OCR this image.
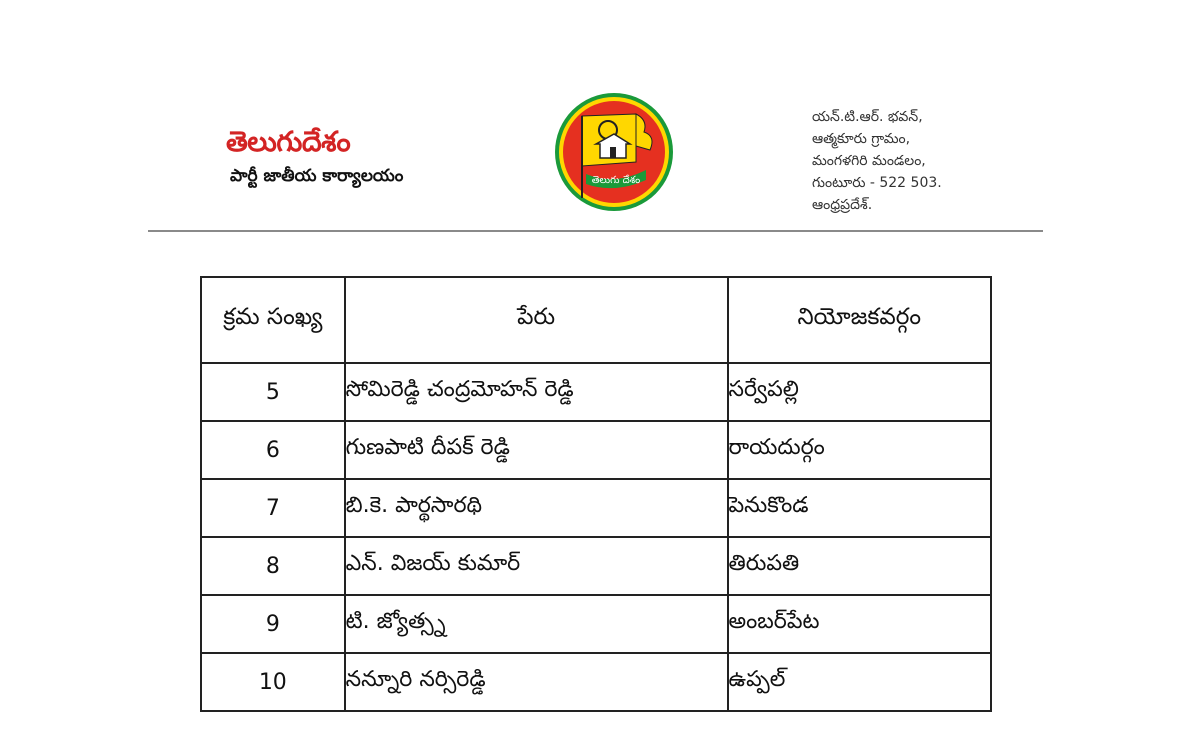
తెలుగుదేశం
పార్టీ జాతీయ కార్యాలయం	తెలుగు దేశం
యన్.టి.ఆర్. భవన్,
ఆత్మకూరు గ్రామం,
మంగళగిరి మండలం,
గుంటూరు - 522 503.
ఆంధ్రప్రదేశ్.
క్రమ సంఖ్య	పేరు	నియోజకవర్గం
5	సోమిరెడ్డి చంద్రమోహన్ రెడ్డి	సర్వేపల్లి
6	గుణపాటి దీపక్ రెడ్డి	రాయదుర్గం
7	బి.కె. పార్థసారథి	పెనుకొండ
8	ఎన్. విజయ్ కుమార్	తిరుపతి
9	టి. జ్యోత్స్న	అంబర్‌పేట
10	నన్నూరి నర్సిరెడ్డి	ఉప్పల్
